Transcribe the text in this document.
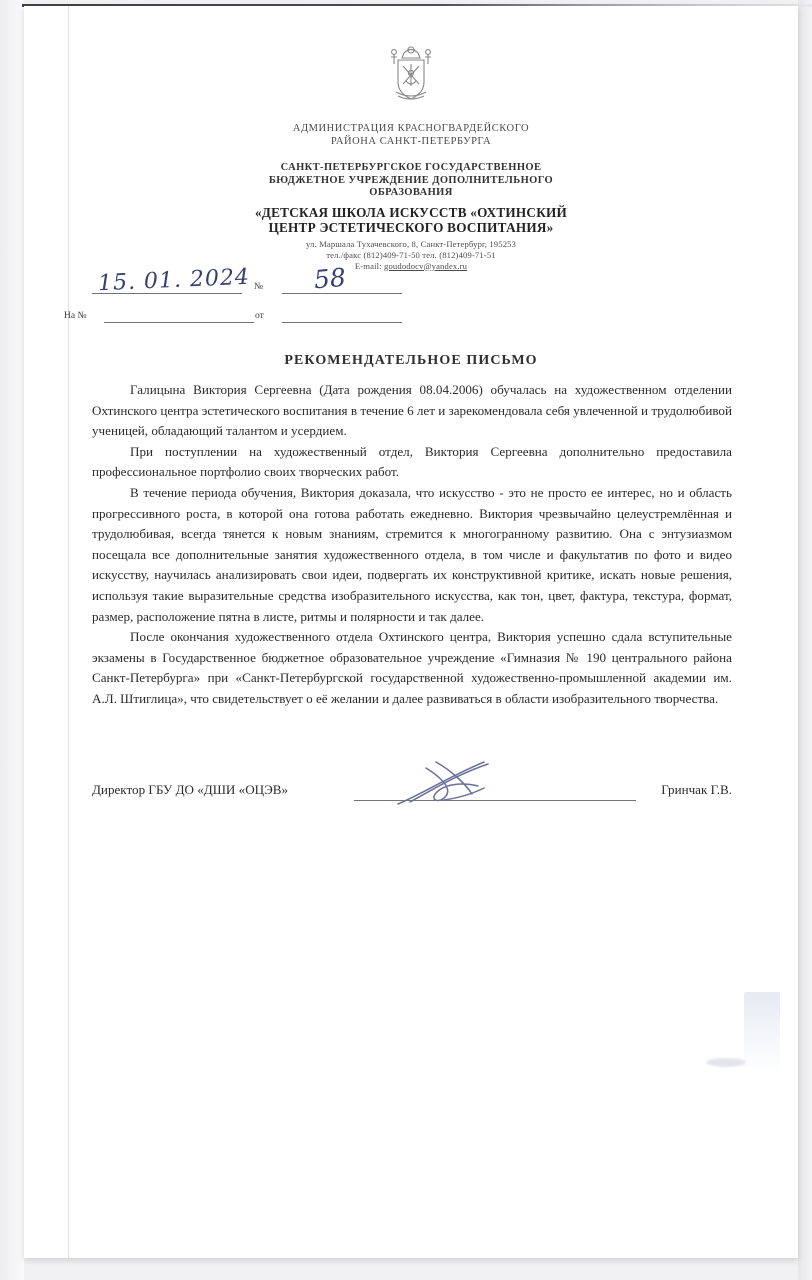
АДМИНИСТРАЦИЯ КРАСНОГВАРДЕЙСКОГО
РАЙОНА САНКТ-ПЕТЕРБУРГА
САНКТ-ПЕТЕРБУРГСКОЕ ГОСУДАРСТВЕННОЕ
БЮДЖЕТНОЕ УЧРЕЖДЕНИЕ ДОПОЛНИТЕЛЬНОГО
ОБРАЗОВАНИЯ
«ДЕТСКАЯ ШКОЛА ИСКУССТВ «ОХТИНСКИЙ
ЦЕНТР ЭСТЕТИЧЕСКОГО ВОСПИТАНИЯ»
ул. Маршала Тухачевского, 8, Санкт-Петербург, 195253
тел./факс (812)409-71-50 тел. (812)409-71-51
E-mail: goudodocv@yandex.ru
15. 01. 2024 № 58
На №	от
РЕКОМЕНДАТЕЛЬНОЕ ПИСЬМО

Галицына Виктория Сергеевна (Дата рождения 08.04.2006) обучалась на художественном отделении Охтинского центра эстетического воспитания в течение 6 лет и зарекомендовала себя увлеченной и трудолюбивой ученицей, обладающий талантом и усердием.

При поступлении на художественный отдел, Виктория Сергеевна дополнительно предоставила профессиональное портфолио своих творческих работ.

В течение периода обучения, Виктория доказала, что искусство - это не просто ее интерес, но и область прогрессивного роста, в которой она готова работать ежедневно. Виктория чрезвычайно целеустремлённая и трудолюбивая, всегда тянется к новым знаниям, стремится к многогранному развитию. Она с энтузиазмом посещала все дополнительные занятия художественного отдела, в том числе и факультатив по фото и видео искусству, научилась анализировать свои идеи, подвергать их конструктивной критике, искать новые решения, используя такие выразительные средства изобразительного искусства, как тон, цвет, фактура, текстура, формат, размер, расположение пятна в листе, ритмы и полярности и так далее.

После окончания художественного отдела Охтинского центра, Виктория успешно сдала вступительные экзамены в Государственное бюджетное образовательное учреждение «Гимназия № 190 центрального района Санкт-Петербурга» при «Санкт-Петербургской государственной художественно-промышленной академии им. А.Л. Штиглица», что свидетельствует о её желании и далее развиваться в области изобразительного творчества.

Директор ГБУ ДО «ДШИ «ОЦЭВ»	Гринчак Г.В.
